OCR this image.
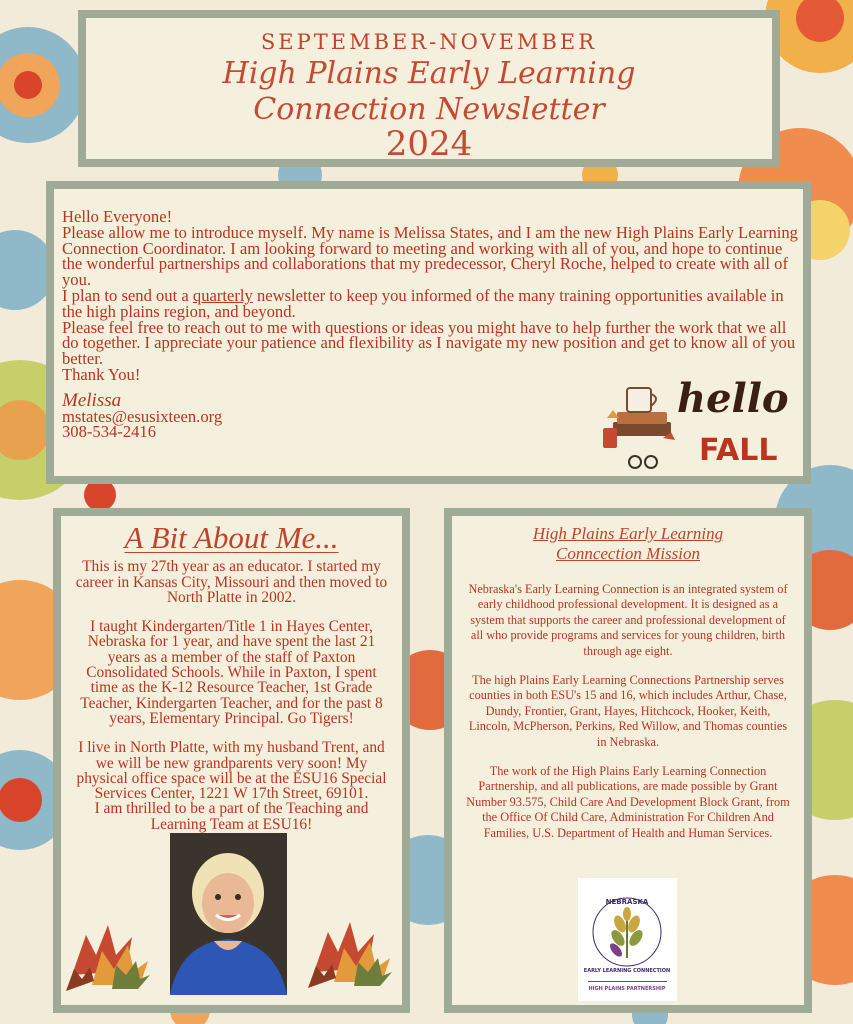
SEPTEMBER-NOVEMBER
High Plains Early Learning
Connection Newsletter
2024

Hello Everyone!

Please allow me to introduce myself. My name is Melissa States, and I am the new High Plains Early Learning Connection Coordinator. I am looking forward to meeting and working with all of you, and hope to continue the wonderful partnerships and collaborations that my predecessor, Cheryl Roche, helped to create with all of you.

I plan to send out a quarterly newsletter to keep you informed of the many training opportunities available in the high plains region, and beyond.

Please feel free to reach out to me with questions or ideas you might have to help further the work that we all do together. I appreciate your patience and flexibility as I navigate my new position and get to know all of you better.

Thank You!

Melissa

mstates@esusixteen.org

308-534-2416

hello
FALL
A Bit About Me...

This is my 27th year as an educator. I started my career in Kansas City, Missouri and then moved to North Platte in 2002.

I taught Kindergarten/Title 1 in Hayes Center, Nebraska for 1 year, and have spent the last 21 years as a member of the staff of Paxton Consolidated Schools. While in Paxton, I spent time as the K-12 Resource Teacher, 1st Grade Teacher, Kindergarten Teacher, and for the past 8 years, Elementary Principal. Go Tigers!

I live in North Platte, with my husband Trent, and we will be new grandparents very soon! My physical office space will be at the ESU16 Special Services Center, 1221 W 17th Street, 69101.

I am thrilled to be a part of the Teaching and Learning Team at ESU16!

High Plains Early Learning
Conncection Mission

Nebraska's Early Learning Connection is an integrated system of early childhood professional development. It is designed as a system that supports the career and professional development of all who provide programs and services for young children, birth through age eight.

The high Plains Early Learning Connections Partnership serves counties in both ESU's 15 and 16, which includes Arthur, Chase, Dundy, Frontier, Grant, Hayes, Hitchcock, Hooker, Keith, Lincoln, McPherson, Perkins, Red Willow, and Thomas counties in Nebraska.

The work of the High Plains Early Learning Connection Partnership, and all publications, are made possible by Grant Number 93.575, Child Care And Development Block Grant, from the Office Of Child Care, Administration For Children And Families, U.S. Department of Health and Human Services.

NEBRASKA
EARLY LEARNING CONNECTION
HIGH PLAINS PARTNERSHIP
